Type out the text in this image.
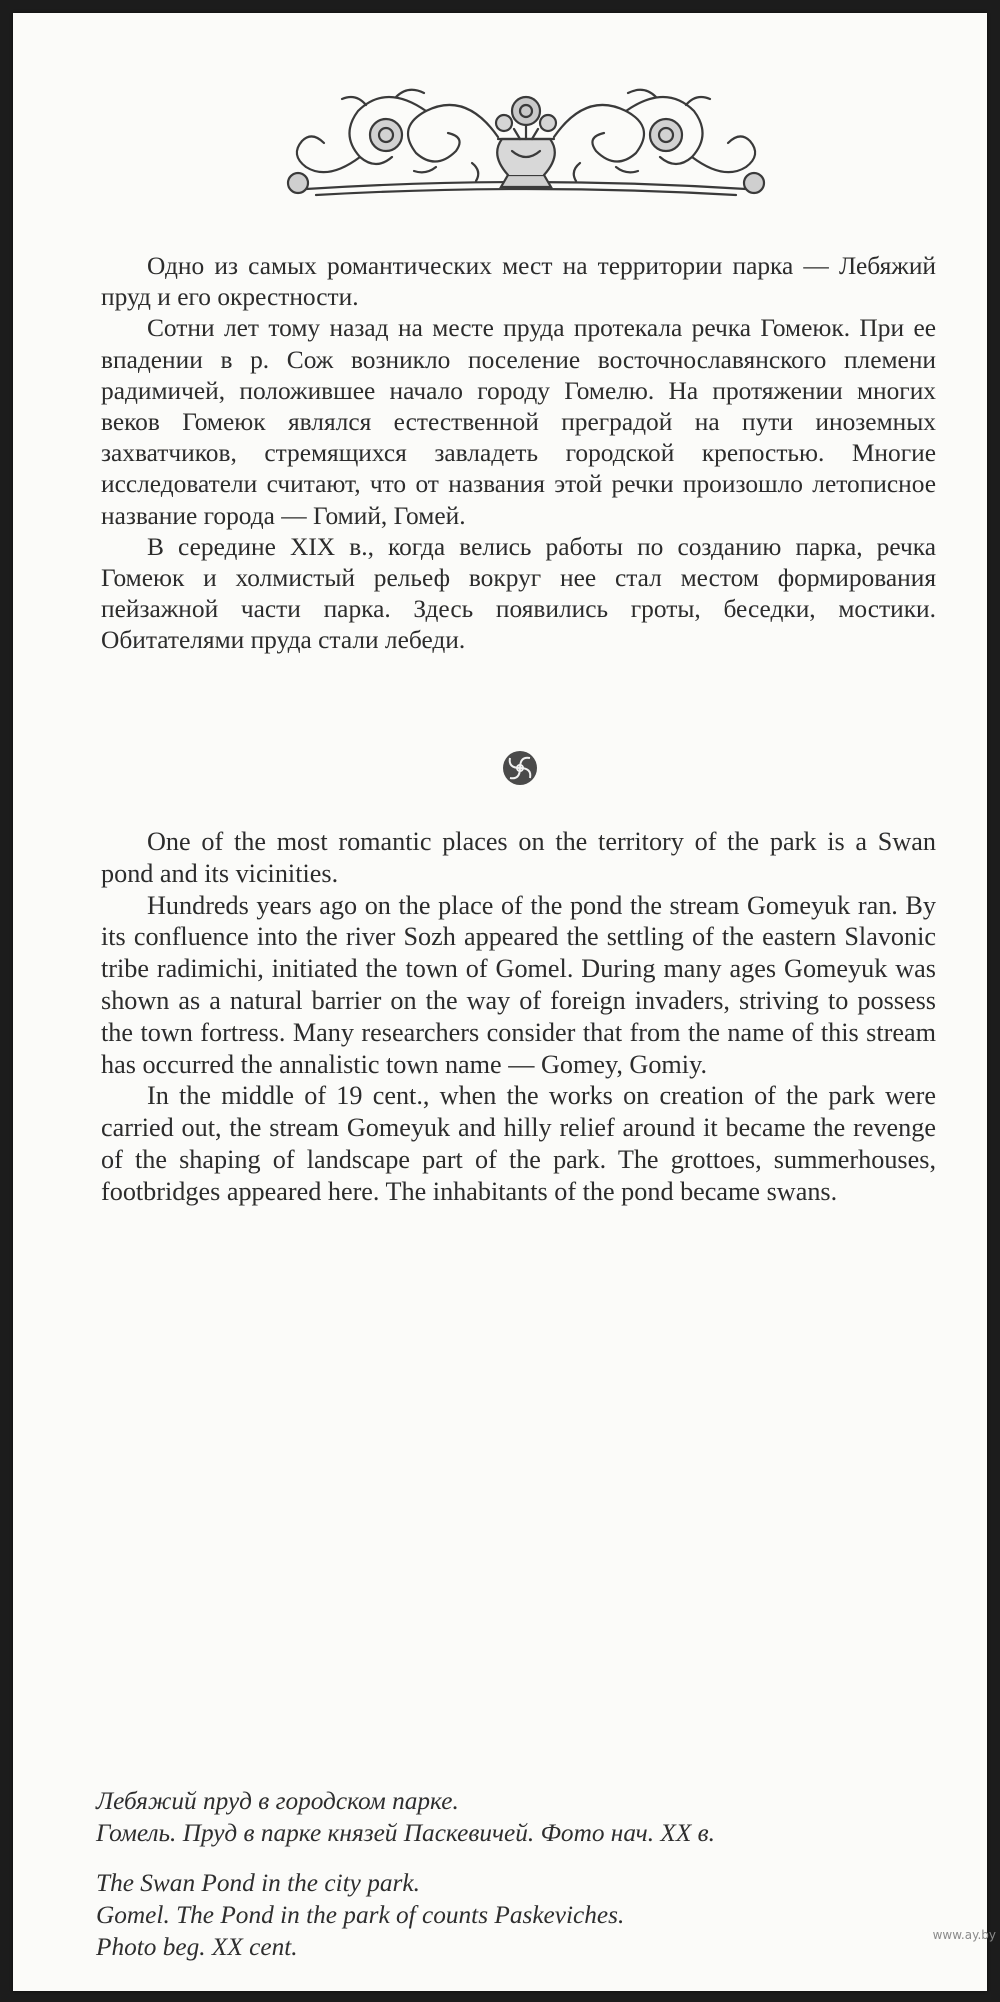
Одно из самых романтических мест на территории парка — Лебяжий пруд и его окрестности.

Сотни лет тому назад на месте пруда протекала речка Гомеюк. При ее впадении в р. Сож возникло поселение восточнославянского племени радимичей, положившее начало городу Гомелю. На протяжении многих веков Гомеюк являлся естественной преградой на пути иноземных захватчиков, стремящихся завладеть городской крепостью. Многие исследователи считают, что от названия этой речки произошло летописное название города — Гомий, Гомей.

В середине XIX в., когда велись работы по созданию парка, речка Гомеюк и холмистый рельеф вокруг нее стал местом формирования пейзажной части парка. Здесь появились гроты, беседки, мостики. Обитателями пруда стали лебеди.

One of the most romantic places on the territory of the park is a Swan pond and its vicinities.

Hundreds years ago on the place of the pond the stream Gomeyuk ran. By its confluence into the river Sozh appeared the settling of the eastern Slavonic tribe radimichi, initiated the town of Gomel. During many ages Gomeyuk was shown as a natural barrier on the way of foreign invaders, striving to possess the town fortress. Many researchers consider that from the name of this stream has occurred the annalistic town name — Gomey, Gomiy.

In the middle of 19 cent., when the works on creation of the park were carried out, the stream Gomeyuk and hilly relief around it became the revenge of the shaping of landscape part of the park. The grottoes, summerhouses, footbridges appeared here. The inhabitants of the pond became swans.

Лебяжий пруд в городском парке.

Гомель. Пруд в парке князей Паскевичей. Фото нач. XX в.

The Swan Pond in the city park.

Gomel. The Pond in the park of counts Paskeviches.

Photo beg. XX cent.	www.ay.by
